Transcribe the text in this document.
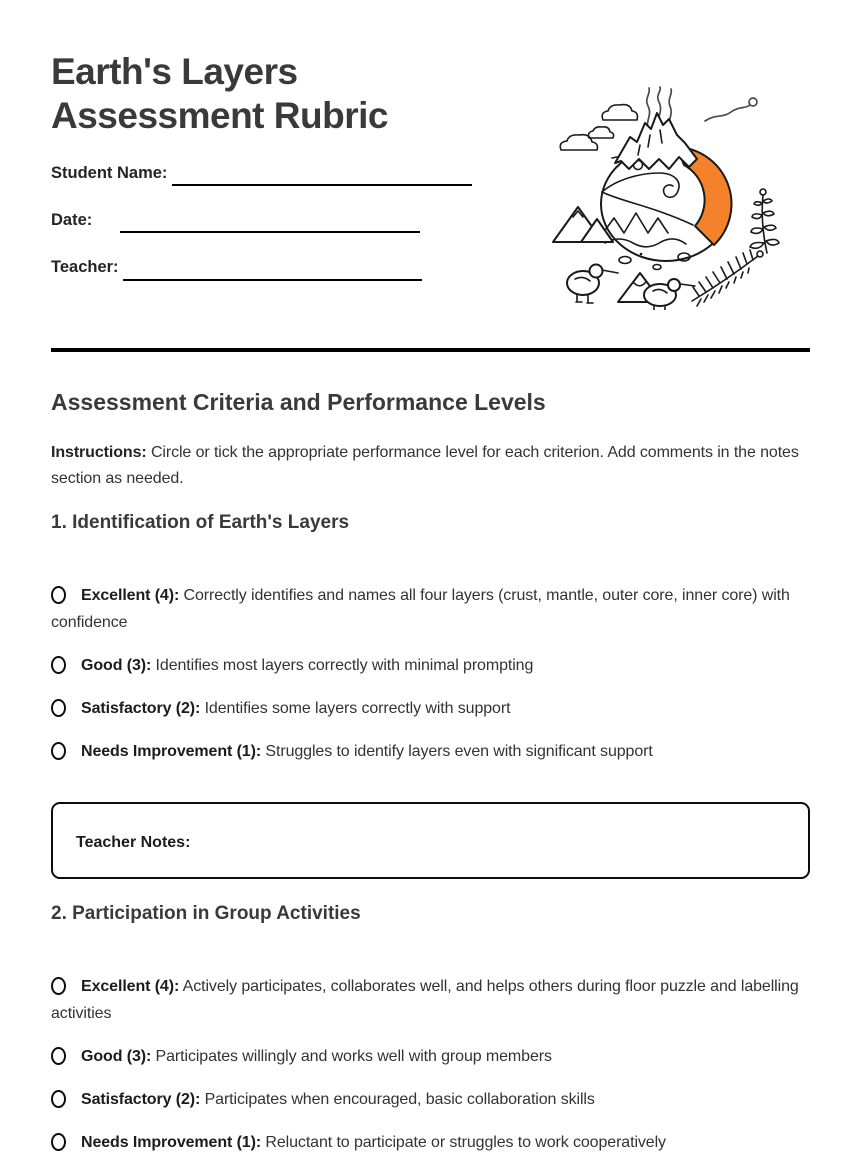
Earth's Layers
Assessment Rubric
Student Name:
Date:
Teacher:
Assessment Criteria and Performance Levels

Instructions: Circle or tick the appropriate performance level for each criterion. Add comments in the notes section as needed.

1. Identification of Earth's Layers
Excellent (4): Correctly identifies and names all four layers (crust, mantle, outer core, inner core) with confidence
Good (3): Identifies most layers correctly with minimal prompting
Satisfactory (2): Identifies some layers correctly with support
Needs Improvement (1): Struggles to identify layers even with significant support
Teacher Notes:
2. Participation in Group Activities
Excellent (4): Actively participates, collaborates well, and helps others during floor puzzle and labelling activities
Good (3): Participates willingly and works well with group members
Satisfactory (2): Participates when encouraged, basic collaboration skills
Needs Improvement (1): Reluctant to participate or struggles to work cooperatively
